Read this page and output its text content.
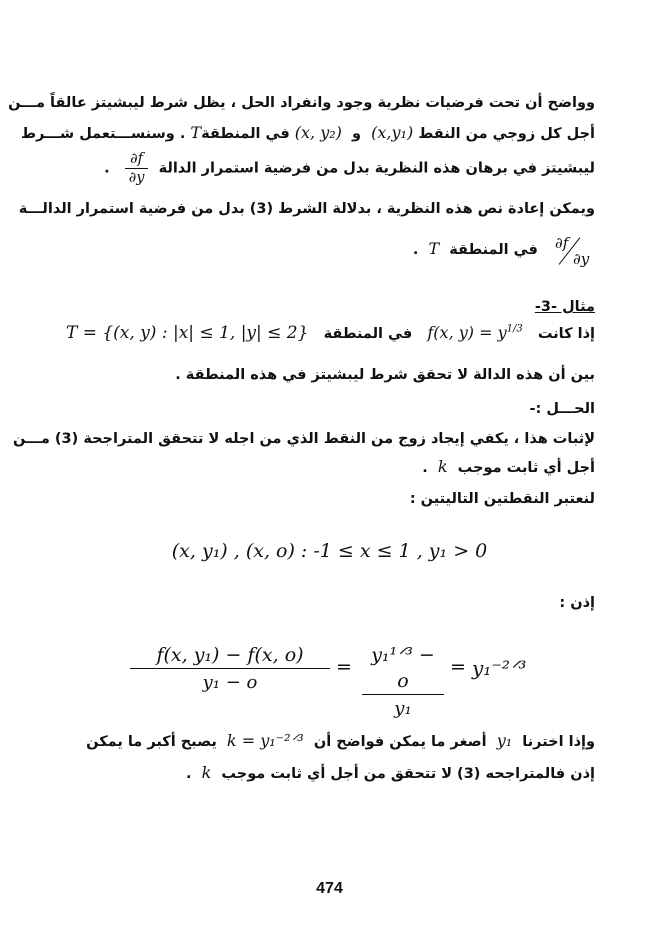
وواضح أن تحت فرضيات نظرية وجود وانفراد الحل ، يظل شرط ليبشيتز عالقاً مـــن
أجل كل زوجي من النقط (x,y₁)  و  (x, y₂) في المنطقةT . وسنســـتعمل شـــرط
ليبشيتز في برهان هذه النظرية بدل من فرضية استمرار الدالة
$\frac{\partial f}{\partial y}$
.
ويمكن إعادة نص هذه النظرية ، بدلالة الشرط (3) بدل من فرضية استمرار الدالـــة
∂f
∂y
في المنطقة  T  .
مثال -3-
إذا كانت   f(x, $y) = y^{1/3}$   في المنطقة   T = {(x, y) : |x| ≤ 1, |y| ≤ 2}
بين أن هذه الدالة لا تحقق شرط ليبشيتز في هذه المنطقة .
الحـــل :-
لإثبات هذا ، يكفي إيجاد زوج من النقط الذي من اجله لا تتحقق المتراجحة (3) مـــن
أجل أي ثابت موجب  k  .
لنعتبر النقطتين التاليتين :
(x, y₁) , (x, o) : -1 ≤ x ≤ 1 , y₁ > 0
إذن :
$\frac{\text{f(x, y₁) − f(x, o)}}{\text{y₁ − o}}$ =
y₁¹ᐟ³ − o
y₁
= y₁⁻²ᐟ³
وإذا اخترنا  y₁  أصغر ما يمكن فواضح أن  k = y₁⁻²ᐟ³  يصبح أكبر ما يمكن
إذن فالمتراجحه (3) لا تتحقق من أجل أي ثابت موجب  k  .
474
